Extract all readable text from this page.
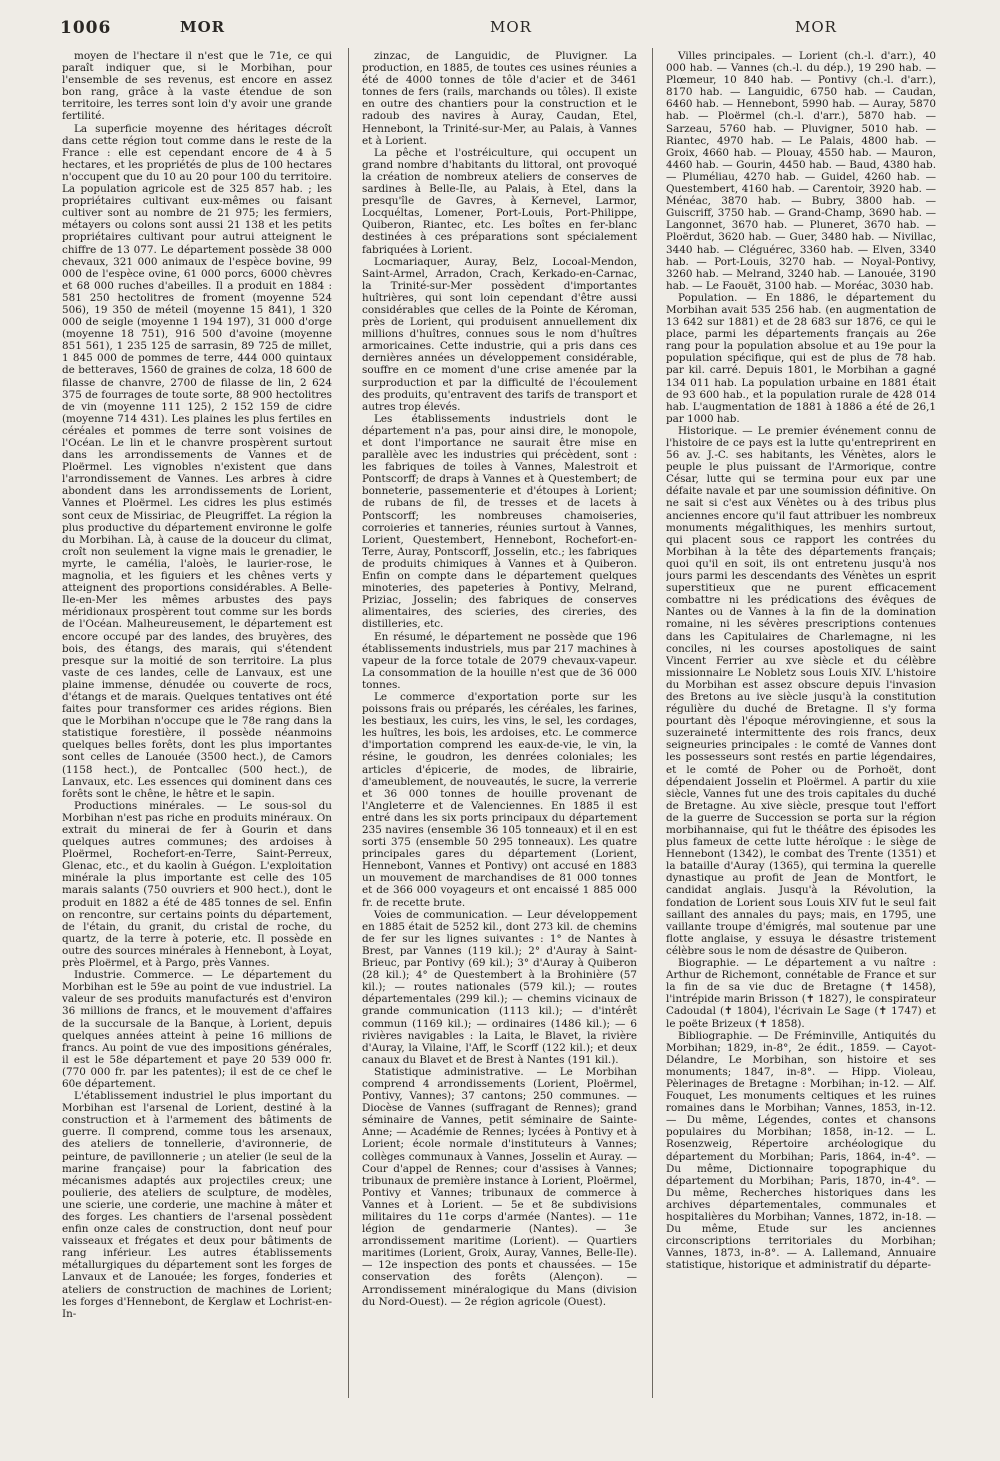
1006	MOR	MOR	MOR

moyen de l'hectare il n'est que le 71e, ce qui paraît indiquer que, si le Morbihan, pour l'ensemble de ses revenus, est encore en assez bon rang, grâce à la vaste étendue de son territoire, les terres sont loin d'y avoir une grande fertilité.

La superficie moyenne des héritages décroît dans cette région tout comme dans le reste de la France : elle est cependant encore de 4 à 5 hectares, et les propriétés de plus de 100 hectares n'occupent que du 10 au 20 pour 100 du territoire. La population agricole est de 325 857 hab. ; les propriétaires cultivant eux-mêmes ou faisant cultiver sont au nombre de 21 975; les fermiers, métayers ou colons sont aussi 21 138 et les petits propriétaires cultivant pour autrui atteignent le chiffre de 13 077. Le département possède 38 000 chevaux, 321 000 animaux de l'espèce bovine, 99 000 de l'espèce ovine, 61 000 porcs, 6000 chèvres et 68 000 ruches d'abeilles. Il a produit en 1884 : 581 250 hectolitres de froment (moyenne 524 506), 19 350 de méteil (moyenne 15 841), 1 320 000 de seigle (moyenne 1 194 197), 31 000 d'orge (moyenne 18 751), 916 500 d'avoine (moyenne 851 561), 1 235 125 de sarrasin, 89 725 de millet, 1 845 000 de pommes de terre, 444 000 quintaux de betteraves, 1560 de graines de colza, 18 600 de filasse de chanvre, 2700 de filasse de lin, 2 624 375 de fourrages de toute sorte, 88 900 hectolitres de vin (moyenne 111 125), 2 152 159 de cidre (moyenne 714 431). Les plaines les plus fertiles en céréales et pommes de terre sont voisines de l'Océan. Le lin et le chanvre prospèrent surtout dans les arrondissements de Vannes et de Ploërmel. Les vignobles n'existent que dans l'arrondissement de Vannes. Les arbres à cidre abondent dans les arrondissements de Lorient, Vannes et Ploërmel. Les cidres les plus estimés sont ceux de Missiriac, de Pleugriffet. La région la plus productive du département environne le golfe du Morbihan. Là, à cause de la douceur du climat, croît non seulement la vigne mais le grenadier, le myrte, le camélia, l'aloès, le laurier-rose, le magnolia, et les figuiers et les chênes verts y atteignent des proportions considérables. A Belle-Ile-en-Mer les mêmes arbustes des pays méridionaux prospèrent tout comme sur les bords de l'Océan. Malheureusement, le département est encore occupé par des landes, des bruyères, des bois, des étangs, des marais, qui s'étendent presque sur la moitié de son territoire. La plus vaste de ces landes, celle de Lanvaux, est une plaine immense, dénudée ou couverte de rocs, d'étangs et de marais. Quelques tentatives ont été faites pour transformer ces arides régions. Bien que le Morbihan n'occupe que le 78e rang dans la statistique forestière, il possède néanmoins quelques belles forêts, dont les plus importantes sont celles de Lanouée (3500 hect.), de Camors (1158 hect.), de Pontcallec (500 hect.), de Lanvaux, etc. Les essences qui dominent dans ces forêts sont le chêne, le hêtre et le sapin.

Productions minérales. — Le sous-sol du Morbihan n'est pas riche en produits minéraux. On extrait du minerai de fer à Gourin et dans quelques autres communes; des ardoises à Ploërmel, Rochefort-en-Terre, Saint-Perreux, Glenac, etc., et du kaolin à Guégon. L'exploitation minérale la plus importante est celle des 105 marais salants (750 ouvriers et 900 hect.), dont le produit en 1882 a été de 485 tonnes de sel. Enfin on rencontre, sur certains points du département, de l'étain, du granit, du cristal de roche, du quartz, de la terre à poterie, etc. Il possède en outre des sources minérales à Hennebont, à Loyat, près Ploërmel, et à Pargo, près Vannes.

Industrie. Commerce. — Le département du Morbihan est le 59e au point de vue industriel. La valeur de ses produits manufacturés est d'environ 36 millions de francs, et le mouvement d'affaires de la succursale de la Banque, à Lorient, depuis quelques années atteint à peine 16 millions de francs. Au point de vue des impositions générales, il est le 58e département et paye 20 539 000 fr. (770 000 fr. par les patentes); il est de ce chef le 60e département.

L'établissement industriel le plus important du Morbihan est l'arsenal de Lorient, destiné à la construction et à l'armement des bâtiments de guerre. Il comprend, comme tous les arsenaux, des ateliers de tonnellerie, d'avironnerie, de peinture, de pavillonnerie ; un atelier (le seul de la marine française) pour la fabrication des mécanismes adaptés aux projectiles creux; une poulierie, des ateliers de sculpture, de modèles, une scierie, une corderie, une machine à mâter et des forges. Les chantiers de l'arsenal possèdent enfin onze cales de construction, dont neuf pour vaisseaux et frégates et deux pour bâtiments de rang inférieur. Les autres établissements métallurgiques du département sont les forges de Lanvaux et de Lanouée; les forges, fonderies et ateliers de construction de machines de Lorient; les forges d'Hennebont, de Kerglaw et Lochrist-en-In-

zinzac, de Languidic, de Pluvigner. La production, en 1885, de toutes ces usines réunies a été de 4000 tonnes de tôle d'acier et de 3461 tonnes de fers (rails, marchands ou tôles). Il existe en outre des chantiers pour la construction et le radoub des navires à Auray, Caudan, Etel, Hennebont, la Trinité-sur-Mer, au Palais, à Vannes et à Lorient.

La pêche et l'ostréiculture, qui occupent un grand nombre d'habitants du littoral, ont provoqué la création de nombreux ateliers de conserves de sardines à Belle-Ile, au Palais, à Etel, dans la presqu'île de Gavres, à Kernevel, Larmor, Locquéltas, Lomener, Port-Louis, Port-Philippe, Quiberon, Riantec, etc. Les boîtes en fer-blanc destinées à ces préparations sont spécialement fabriquées à Lorient.

Locmariaquer, Auray, Belz, Locoal-Mendon, Saint-Armel, Arradon, Crach, Kerkado-en-Carnac, la Trinité-sur-Mer possèdent d'importantes huîtrières, qui sont loin cependant d'être aussi considérables que celles de la Pointe de Kéroman, près de Lorient, qui produisent annuellement dix millions d'huîtres, connues sous le nom d'huîtres armoricaines. Cette industrie, qui a pris dans ces dernières années un développement considérable, souffre en ce moment d'une crise amenée par la surproduction et par la difficulté de l'écoulement des produits, qu'entravent des tarifs de transport et autres trop élevés.

Les établissements industriels dont le département n'a pas, pour ainsi dire, le monopole, et dont l'importance ne saurait être mise en parallèle avec les industries qui précèdent, sont : les fabriques de toiles à Vannes, Malestroit et Pontscorff; de draps à Vannes et à Questembert; de bonneterie, passementerie et d'étoupes à Lorient; de rubans de fil, de tresses et de lacets à Pontscorff; les nombreuses chamoiseries, corroieries et tanneries, réunies surtout à Vannes, Lorient, Questembert, Hennebont, Rochefort-en-Terre, Auray, Pontscorff, Josselin, etc.; les fabriques de produits chimiques à Vannes et à Quiberon. Enfin on compte dans le département quelques minoteries, des papeteries à Pontivy, Melrand, Priziac, Josselin; des fabriques de conserves alimentaires, des scieries, des cireries, des distilleries, etc.

En résumé, le département ne possède que 196 établissements industriels, mus par 217 machines à vapeur de la force totale de 2079 chevaux-vapeur. La consommation de la houille n'est que de 36 000 tonnes.

Le commerce d'exportation porte sur les poissons frais ou préparés, les céréales, les farines, les bestiaux, les cuirs, les vins, le sel, les cordages, les huîtres, les bois, les ardoises, etc. Le commerce d'importation comprend les eaux-de-vie, le vin, la résine, le goudron, les denrées coloniales; les articles d'épicerie, de modes, de librairie, d'ameublement, de nouveautés, le sucre, la verrerie et 36 000 tonnes de houille provenant de l'Angleterre et de Valenciennes. En 1885 il est entré dans les six ports principaux du département 235 navires (ensemble 36 105 tonneaux) et il en est sorti 375 (ensemble 50 295 tonneaux). Les quatre principales gares du département (Lorient, Hennebont, Vannes et Pontivy) ont accusé en 1883 un mouvement de marchandises de 81 000 tonnes et de 366 000 voyageurs et ont encaissé 1 885 000 fr. de recette brute.

Voies de communication. — Leur développement en 1885 était de 5252 kil., dont 273 kil. de chemins de fer sur les lignes suivantes : 1° de Nantes à Brest, par Vannes (119 kil.); 2° d'Auray à Saint-Brieuc, par Pontivy (69 kil.); 3° d'Auray à Quiberon (28 kil.); 4° de Questembert à la Brohinière (57 kil.); — routes nationales (579 kil.); — routes départementales (299 kil.); — chemins vicinaux de grande communication (1113 kil.); — d'intérêt commun (1169 kil.); — ordinaires (1486 kil.); — 6 rivières navigables : la Laita, le Blavet, la rivière d'Auray, la Vilaine, l'Aff, le Scorff (122 kil.); et deux canaux du Blavet et de Brest à Nantes (191 kil.).

Statistique administrative. — Le Morbihan comprend 4 arrondissements (Lorient, Ploërmel, Pontivy, Vannes); 37 cantons; 250 communes. — Diocèse de Vannes (suffragant de Rennes); grand séminaire de Vannes, petit séminaire de Sainte-Anne; — Académie de Rennes; lycées à Pontivy et à Lorient; école normale d'instituteurs à Vannes; collèges communaux à Vannes, Josselin et Auray. — Cour d'appel de Rennes; cour d'assises à Vannes; tribunaux de première instance à Lorient, Ploërmel, Pontivy et Vannes; tribunaux de commerce à Vannes et à Lorient. — 5e et 8e subdivisions militaires du 11e corps d'armée (Nantes). — 11e légion de gendarmerie (Nantes). — 3e arrondissement maritime (Lorient). — Quartiers maritimes (Lorient, Groix, Auray, Vannes, Belle-Ile). — 12e inspection des ponts et chaussées. — 15e conservation des forêts (Alençon). — Arrondissement minéralogique du Mans (division du Nord-Ouest). — 2e région agricole (Ouest).

Villes principales. — Lorient (ch.-l. d'arr.), 40 000 hab. — Vannes (ch.-l. du dép.), 19 290 hab. — Plœmeur, 10 840 hab. — Pontivy (ch.-l. d'arr.), 8170 hab. — Languidic, 6750 hab. — Caudan, 6460 hab. — Hennebont, 5990 hab. — Auray, 5870 hab. — Ploërmel (ch.-l. d'arr.), 5870 hab. — Sarzeau, 5760 hab. — Pluvigner, 5010 hab. — Riantec, 4970 hab. — Le Palais, 4800 hab. — Groix, 4660 hab. — Plouay, 4550 hab. — Mauron, 4460 hab. — Gourin, 4450 hab. — Baud, 4380 hab. — Pluméliau, 4270 hab. — Guidel, 4260 hab. — Questembert, 4160 hab. — Carentoir, 3920 hab. — Ménéac, 3870 hab. — Bubry, 3800 hab. — Guiscriff, 3750 hab. — Grand-Champ, 3690 hab. — Langonnet, 3670 hab. — Pluneret, 3670 hab. — Ploërdut, 3620 hab. — Guer, 3480 hab. — Nivillac, 3440 hab. — Cléguérec, 3360 hab. — Elven, 3340 hab. — Port-Louis, 3270 hab. — Noyal-Pontivy, 3260 hab. — Melrand, 3240 hab. — Lanouée, 3190 hab. — Le Faouët, 3100 hab. — Moréac, 3030 hab.

Population. — En 1886, le département du Morbihan avait 535 256 hab. (en augmentation de 13 642 sur 1881) et de 28 683 sur 1876, ce qui le place, parmi les départements français au 26e rang pour la population absolue et au 19e pour la population spécifique, qui est de plus de 78 hab. par kil. carré. Depuis 1801, le Morbihan a gagné 134 011 hab. La population urbaine en 1881 était de 93 600 hab., et la population rurale de 428 014 hab. L'augmentation de 1881 à 1886 a été de 26,1 par 1000 hab.

Historique. — Le premier événement connu de l'histoire de ce pays est la lutte qu'entreprirent en 56 av. J.-C. ses habitants, les Vénètes, alors le peuple le plus puissant de l'Armorique, contre César, lutte qui se termina pour eux par une défaite navale et par une soumission définitive. On ne sait si c'est aux Vénètes ou à des tribus plus anciennes encore qu'il faut attribuer les nombreux monuments mégalithiques, les menhirs surtout, qui placent sous ce rapport les contrées du Morbihan à la tête des départements français; quoi qu'il en soit, ils ont entretenu jusqu'à nos jours parmi les descendants des Vénètes un esprit superstitieux que ne purent efficacement combattre ni les prédications des évêques de Nantes ou de Vannes à la fin de la domination romaine, ni les sévères prescriptions contenues dans les Capitulaires de Charlemagne, ni les conciles, ni les courses apostoliques de saint Vincent Ferrier au xve siècle et du célèbre missionnaire Le Nobletz sous Louis XIV. L'histoire du Morbihan est assez obscure depuis l'invasion des Bretons au ive siècle jusqu'à la constitution régulière du duché de Bretagne. Il s'y forma pourtant dès l'époque mérovingienne, et sous la suzeraineté intermittente des rois francs, deux seigneuries principales : le comté de Vannes dont les possesseurs sont restés en partie légendaires, et le comté de Poher ou de Porhoët, dont dépendaient Josselin et Ploërmel. A partir du xiie siècle, Vannes fut une des trois capitales du duché de Bretagne. Au xive siècle, presque tout l'effort de la guerre de Succession se porta sur la région morbihannaise, qui fut le théâtre des épisodes les plus fameux de cette lutte héroïque : le siège de Hennebont (1342), le combat des Trente (1351) et la bataille d'Auray (1365), qui termina la querelle dynastique au profit de Jean de Montfort, le candidat anglais. Jusqu'à la Révolution, la fondation de Lorient sous Louis XIV fut le seul fait saillant des annales du pays; mais, en 1795, une vaillante troupe d'émigrés, mal soutenue par une flotte anglaise, y essuya le désastre tristement célèbre sous le nom de désastre de Quiberon.

Biographie. — Le département a vu naître : Arthur de Richemont, connétable de France et sur la fin de sa vie duc de Bretagne (✝ 1458), l'intrépide marin Brisson (✝ 1827), le conspirateur Cadoudal (✝ 1804), l'écrivain Le Sage (✝ 1747) et le poëte Brizeux (✝ 1858).

Bibliographie. — De Fréminville, Antiquités du Morbihan; 1829, in-8°, 2e édit., 1859. — Cayot-Délandre, Le Morbihan, son histoire et ses monuments; 1847, in-8°. — Hipp. Violeau, Pèlerinages de Bretagne : Morbihan; in-12. — Alf. Fouquet, Les monuments celtiques et les ruines romaines dans le Morbihan; Vannes, 1853, in-12. — Du même, Légendes, contes et chansons populaires du Morbihan; 1858, in-12. — L. Rosenzweig, Répertoire archéologique du département du Morbihan; Paris, 1864, in-4°. — Du même, Dictionnaire topographique du département du Morbihan; Paris, 1870, in-4°. — Du même, Recherches historiques dans les archives départementales, communales et hospitalières du Morbihan; Vannes, 1872, in-18. — Du même, Etude sur les anciennes circonscriptions territoriales du Morbihan; Vannes, 1873, in-8°. — A. Lallemand, Annuaire statistique, historique et administratif du départe-
